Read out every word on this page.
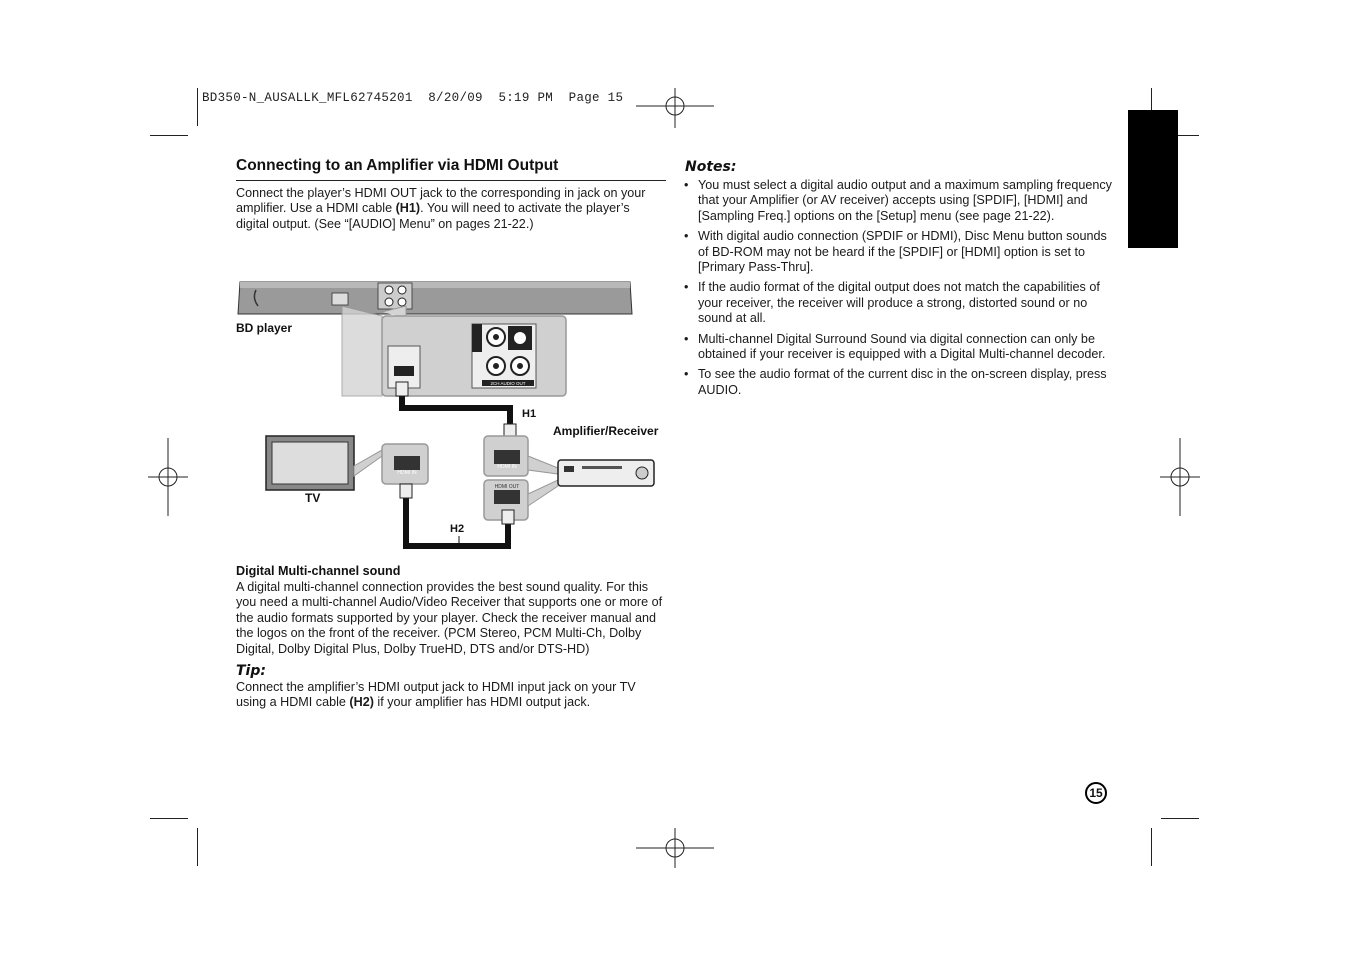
BD350-N_AUSALLK_MFL62745201  8/20/09  5:19 PM  Page 15
Connecting to an Amplifier via HDMI Output
Connect the player’s HDMI OUT jack to the corresponding in jack on your amplifier. Use a HDMI cable (H1). You will need to activate the player’s digital output. (See “[AUDIO] Menu” on pages 21-22.)
2CH AUDIO OUT
HDMI IN
HDMI OUT
HDMI IN
BD player
H1
Amplifier/Receiver
TV
H2
Digital Multi-channel sound
A digital multi-channel connection provides the best sound quality. For this you need a multi-channel Audio/Video Receiver that supports one or more of the audio formats supported by your player. Check the receiver manual and the logos on the front of the receiver. (PCM Stereo, PCM Multi-Ch, Dolby Digital, Dolby Digital Plus, Dolby TrueHD, DTS and/or DTS-HD)
Tip:
Connect the amplifier’s HDMI output jack to HDMI input jack on your TV using a HDMI cable (H2) if your amplifier has HDMI output jack.
Notes:
• You must select a digital audio output and a maximum sampling frequency that your Amplifier (or AV receiver) accepts using [SPDIF], [HDMI] and [Sampling Freq.] options on the [Setup] menu (see page 21-22).
• With digital audio connection (SPDIF or HDMI), Disc Menu button sounds of BD-ROM may not be heard if the [SPDIF] or [HDMI] option is set to [Primary Pass-Thru].
• If the audio format of the digital output does not match the capabilities of your receiver, the receiver will produce a strong, distorted sound or no sound at all.
• Multi-channel Digital Surround Sound via digital connection can only be obtained if your receiver is equipped with a Digital Multi-channel decoder.
• To see the audio format of the current disc in the on-screen display, press AUDIO.
15
